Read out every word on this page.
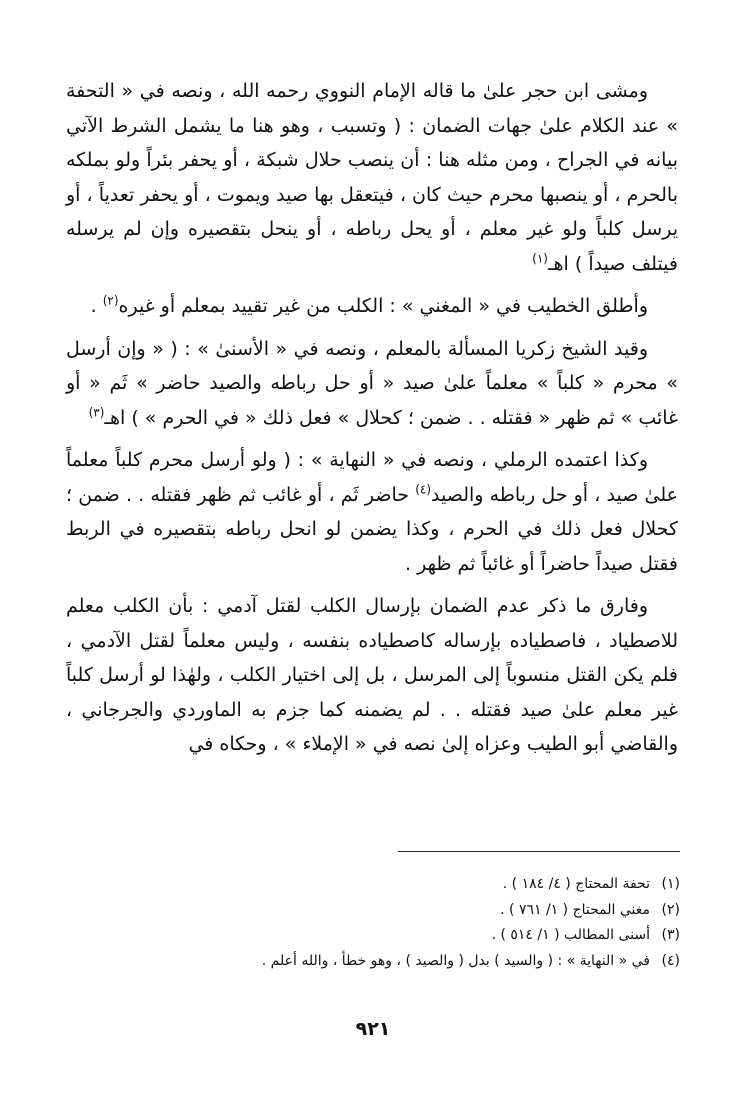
ومشى ابن حجر علىٰ ما قاله الإمام النووي رحمه الله ، ونصه في « التحفة » عند الكلام علىٰ جهات الضمان : ( وتسبب ، وهو هنا ما يشمل الشرط الآتي بيانه في الجراح ، ومن مثله هنا : أن ينصب حلال شبكة ، أو يحفر بئراً ولو بملكه بالحرم ، أو ينصبها محرم حيث كان ، فيتعقل بها صيد ويموت ، أو يحفر تعدياً ، أو يرسل كلباً ولو غير معلم ، أو يحل رباطه ، أو ينحل بتقصيره وإن لم يرسله فيتلف صيداً ) اهـ$^{(١)}$

وأطلق الخطيب في « المغني » : الكلب من غير تقييد بمعلم أو غيره$^{(٢)}$ .

وقيد الشيخ زكريا المسألة بالمعلم ، ونصه في « الأسنىٰ » : ( « وإن أرسل » محرم « كلباً » معلماً علىٰ صيد « أو حل رباطه والصيد حاضر » ثَم « أو غائب » ثم ظهر « فقتله . . ضمن ؛ كحلال » فعل ذلك « في الحرم » ) اهـ$^{(٣)}$

وكذا اعتمده الرملي ، ونصه في « النهاية » : ( ولو أرسل محرم كلباً معلماً علىٰ صيد ، أو حل رباطه والصيد$^{(٤)}$ حاضر ثَم ، أو غائب ثم ظهر فقتله . . ضمن ؛ كحلال فعل ذلك في الحرم ، وكذا يضمن لو انحل رباطه بتقصيره في الربط فقتل صيداً حاضراً أو غائباً ثم ظهر .

وفارق ما ذكر عدم الضمان بإرسال الكلب لقتل آدمي : بأن الكلب معلم للاصطياد ، فاصطياده بإرساله كاصطياده بنفسه ، وليس معلماً لقتل الآدمي ، فلم يكن القتل منسوباً إلى المرسل ، بل إلى اختيار الكلب ، ولهٰذا لو أرسل كلباً غير معلم علىٰ صيد فقتله . . لم يضمنه كما جزم به الماوردي والجرجاني ، والقاضي أبو الطيب وعزاه إلىٰ نصه في « الإملاء » ، وحكاه في

(١)تحفة المحتاج ( ٤/ ١٨٤ ) .
(٢)مغني المحتاج ( ١/ ٧٦١ ) .
(٣)أسنى المطالب ( ١/ ٥١٤ ) .
(٤)في « النهاية » : ( والسيد ) بدل ( والصيد ) ، وهو خطأ ، والله أعلم .
٩٢١
